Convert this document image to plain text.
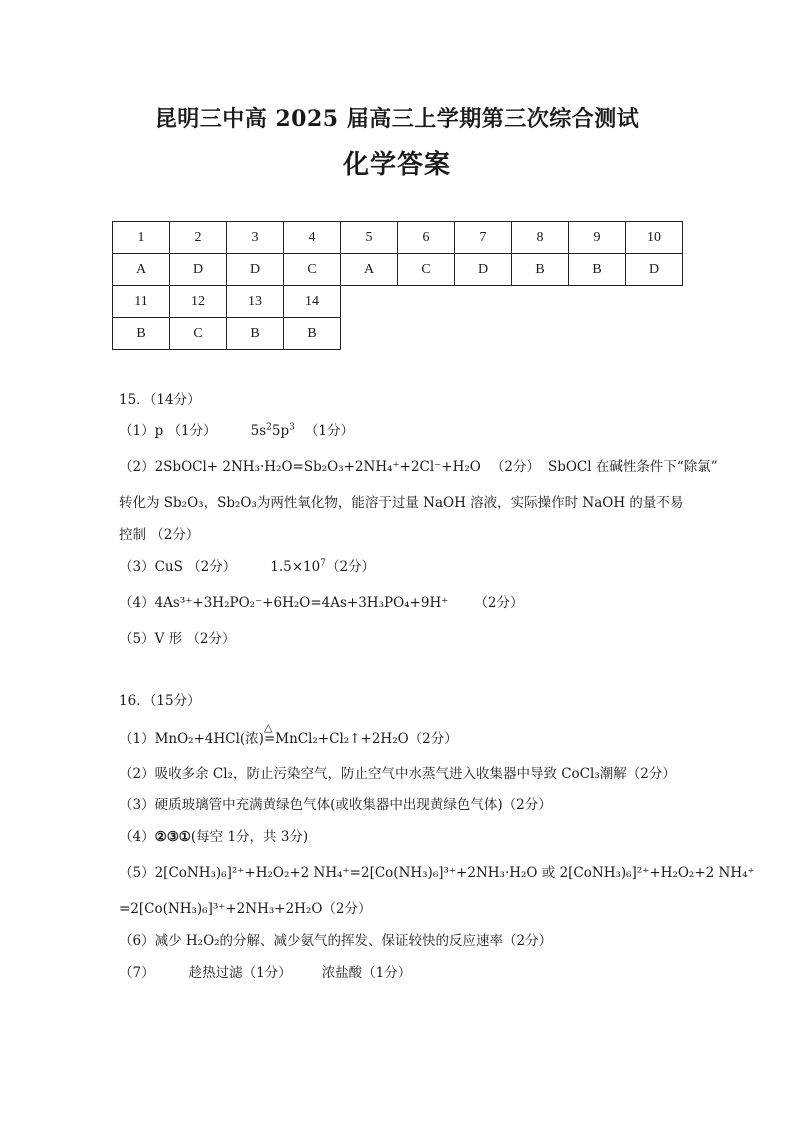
昆明三中高 2025 届高三上学期第三次综合测试
化学答案
1	2	3	4	5	6	7	8	9	10
A	D	D	C	A	C	D	B	B	D
11	12	13	14						
B	C	B	B						
15．（14分）
（1）p （1分）	$5s^25p^3$ （1分）
（2）2SbOCl+ 2NH₃·H₂O=Sb₂O₃+2NH₄⁺+2Cl⁻+H₂O （2分） SbOCl 在碱性条件下“除氯”
转化为 Sb₂O₃，Sb₂O₃为两性氧化物，能溶于过量 NaOH 溶液，实际操作时 NaOH 的量不易
控制 （2分）
（3）CuS （2分）	$1.5\times 10^7(2$分）
（4）4As³⁺+3H₂PO₂⁻+6H₂O=4As+3H₃PO₄+9H⁺ （2分）
（5）V 形 （2分）
16．（15分）
（1）MnO₂+4HCl(浓)
△
=MnCl₂+Cl₂↑+2H₂O（2分）
（2）吸收多余 Cl₂，防止污染空气，防止空气中水蒸气进入收集器中导致 CoCl₃潮解（2分）
（3）硬质玻璃管中充满黄绿色气体(或收集器中出现黄绿色气体)（2分）
（4）②③①(每空 1分，共 3分)
（5）2[CoNH₃)₆]²⁺+H₂O₂+2 NH₄⁺=2[Co(NH₃)₆]³⁺+2NH₃·H₂O 或 2[CoNH₃)₆]²⁺+H₂O₂+2 NH₄⁺
=2[Co(NH₃)₆]³⁺+2NH₃+2H₂O（2分）
（6）减少 H₂O₂的分解、减少氨气的挥发、保证较快的反应速率（2分）
（7）	趁热过滤（1分） 浓盐酸（1分）
